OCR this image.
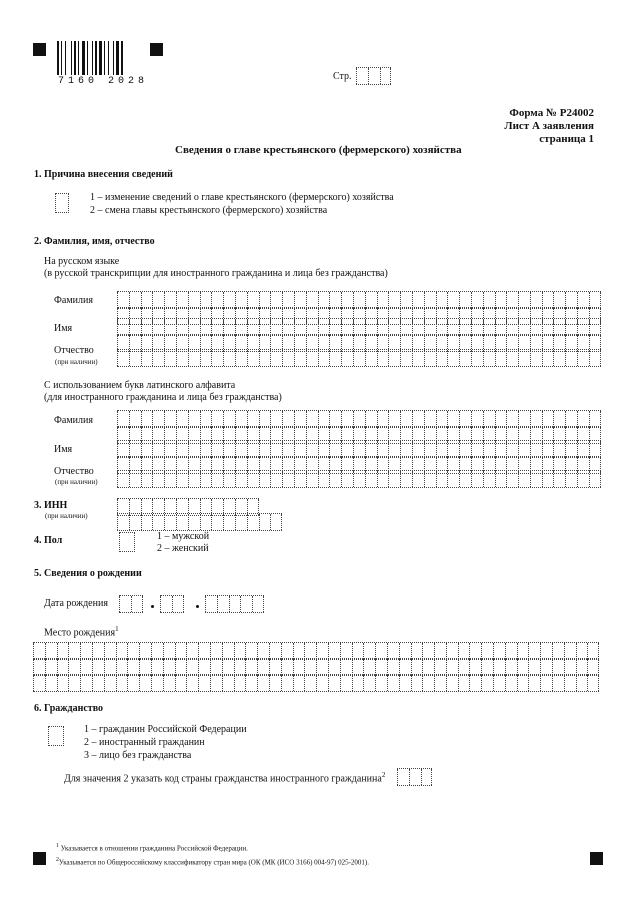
7160 2028	Стр.
Форма № Р24002
Лист А заявления
страница 1
Сведения о главе крестьянского (фермерского) хозяйства
1. Причина внесения сведений
1 – изменение сведений о главе крестьянского (фермерского) хозяйства
2 – смена главы крестьянского (фермерского) хозяйства
2. Фамилия, имя, отчество
На русском языке
(в русской транскрипции для иностранного гражданина и лица без гражданства)
Фамилия
Имя
Отчество
(при наличии)
С использованием букв латинского алфавита
(для иностранного гражданина и лица без гражданства)
Фамилия
Имя
Отчество
(при наличии)
3. ИНН
(при наличии)
4. Пол	1 – мужской
2 – женский
5. Сведения о рождении
Дата рождения
Место рождения$^1$
6. Гражданство
1 – гражданин Российской Федерации
2 – иностранный гражданин
3 – лицо без гражданства
Для значения 2 указать код страны гражданства иностранного гражданина$^2$
$^1$ Указывается в отношении гражданина Российской Федерации.
$^2$Указывается по Общероссийскому классификатору стран мира (ОК (МК (ИСО 3166) 004-97) 025-2001).
